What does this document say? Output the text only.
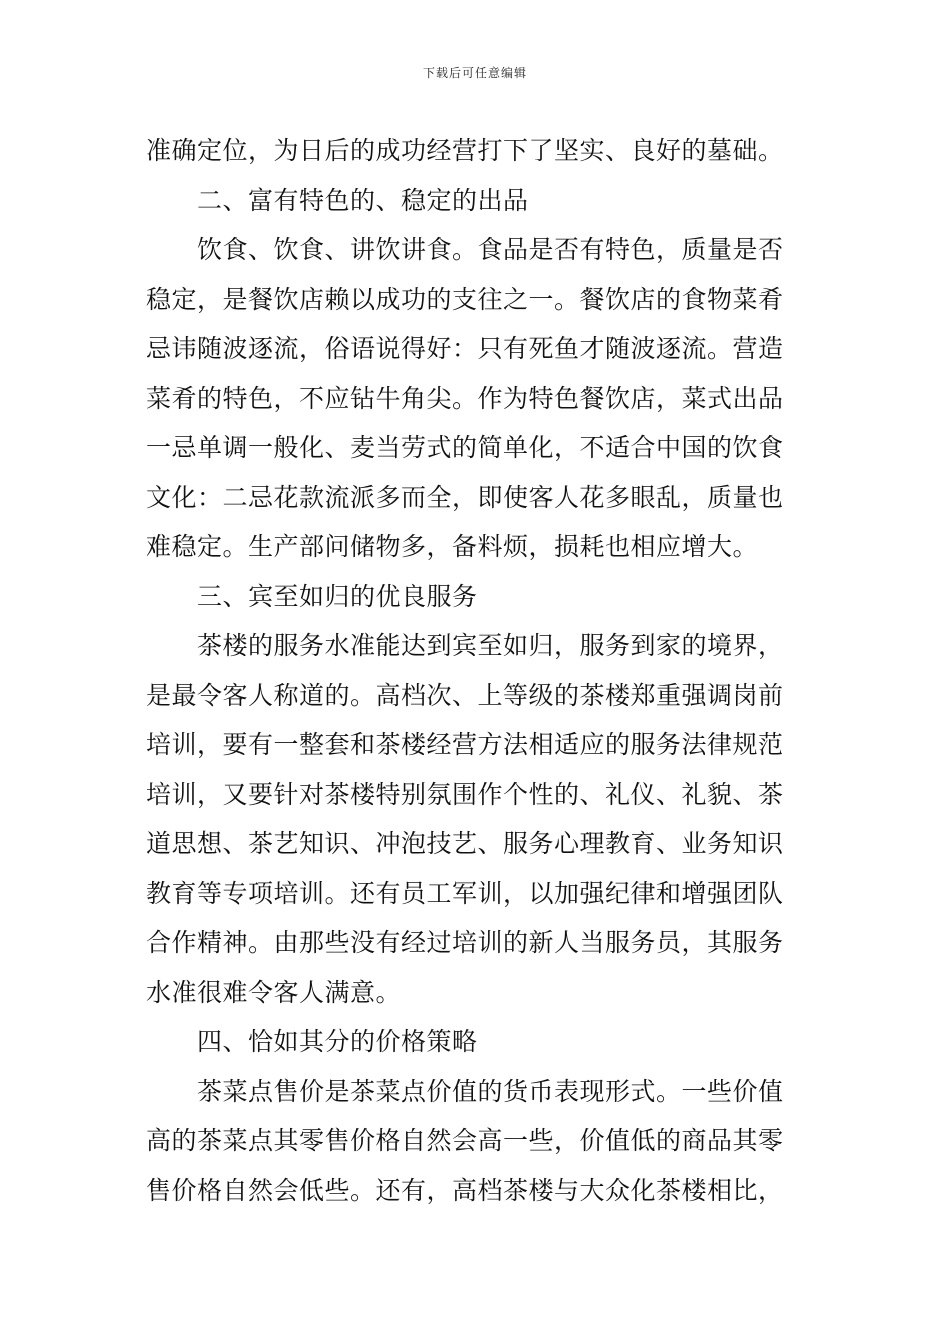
下载后可任意编辑
准确定位，为日后的成功经营打下了坚实、良好的墓础。
二、富有特色的、稳定的出品
饮食、饮食、讲饮讲食。食品是否有特色，质量是否
稳定，是餐饮店赖以成功的支往之一。餐饮店的食物菜肴
忌讳随波逐流，俗语说得好：只有死鱼才随波逐流。营造
菜肴的特色，不应钻牛角尖。作为特色餐饮店，菜式出品
一忌单调一般化、麦当劳式的简单化，不适合中国的饮食
文化：二忌花款流派多而全，即使客人花多眼乱，质量也
难稳定。生产部问储物多，备料烦，损耗也相应增大。
三、宾至如归的优良服务
茶楼的服务水准能达到宾至如归，服务到家的境界，
是最令客人称道的。高档次、上等级的茶楼郑重强调岗前
培训，要有一整套和茶楼经营方法相适应的服务法律规范
培训，又要针对茶楼特别氛围作个性的、礼仪、礼貌、茶
道思想、茶艺知识、冲泡技艺、服务心理教育、业务知识
教育等专项培训。还有员工军训，以加强纪律和增强团队
合作精神。由那些没有经过培训的新人当服务员，其服务
水准很难令客人满意。
四、恰如其分的价格策略
茶菜点售价是茶菜点价值的货币表现形式。一些价值
高的茶菜点其零售价格自然会高一些，价值低的商品其零
售价格自然会低些。还有，高档茶楼与大众化茶楼相比，
